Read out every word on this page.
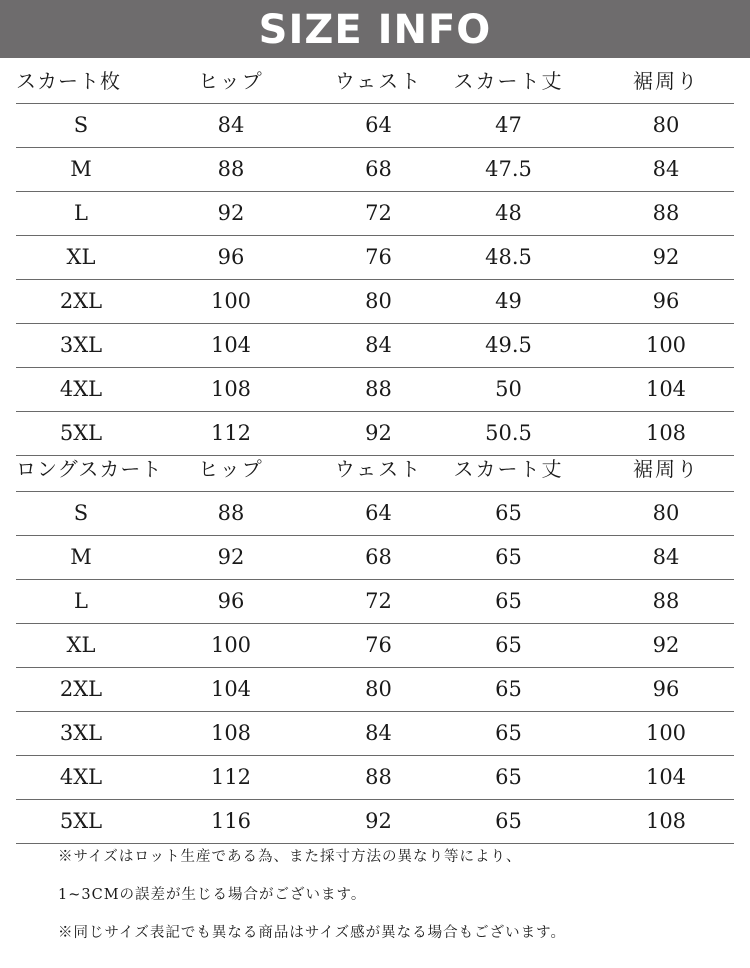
SIZE INFO
スカート枚	ヒップ	ウェスト	スカート丈	裾周り
S	84	64	47	80
M	88	68	47.5	84
L	92	72	48	88
XL	96	76	48.5	92
2XL	100	80	49	96
3XL	104	84	49.5	100
4XL	108	88	50	104
5XL	112	92	50.5	108
ロングスカート	ヒップ	ウェスト	スカート丈	裾周り
S	88	64	65	80
M	92	68	65	84
L	96	72	65	88
XL	100	76	65	92
2XL	104	80	65	96
3XL	108	84	65	100
4XL	112	88	65	104
5XL	116	92	65	108
※サイズはロット生産である為、また採寸方法の異なり等により、
1~3CMの誤差が生じる場合がございます。
※同じサイズ表記でも異なる商品はサイズ感が異なる場合もございます。
